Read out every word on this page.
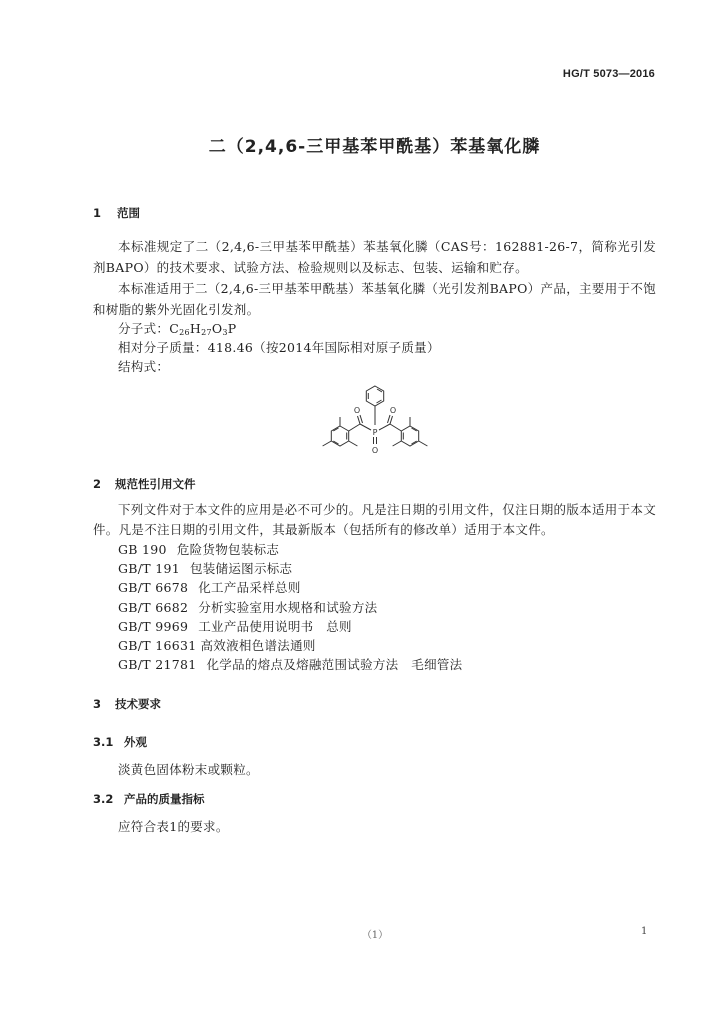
HG/T 5073—2016
二（2,4,6-三甲基苯甲酰基）苯基氧化膦
1 范围
本标准规定了二（2,4,6-三甲基苯甲酰基）苯基氧化膦（CAS号：162881-26-7，简称光引发剂BAPO）的技术要求、试验方法、检验规则以及标志、包装、运输和贮存。
本标准适用于二（2,4,6-三甲基苯甲酰基）苯基氧化膦（光引发剂BAPO）产品，主要用于不饱和树脂的紫外光固化引发剂。
分子式：$C_{26}H_{27}O_3P$
相对分子质量：418.46（按2014年国际相对原子质量）
结构式：
P
O
O	O
2 规范性引用文件
下列文件对于本文件的应用是必不可少的。凡是注日期的引用文件，仅注日期的版本适用于本文件。凡是不注日期的引用文件，其最新版本（包括所有的修改单）适用于本文件。
GB 190 危险货物包装标志
GB/T 191 包装储运图示标志
GB/T 6678 化工产品采样总则
GB/T 6682 分析实验室用水规格和试验方法
GB/T 9969 工业产品使用说明书　总则
GB/T 16631 高效液相色谱法通则
GB/T 21781 化学品的熔点及熔融范围试验方法　毛细管法
3 技术要求
3.1 外观
淡黄色固体粉末或颗粒。
3.2 产品的质量指标
应符合表1的要求。
（1）	1
